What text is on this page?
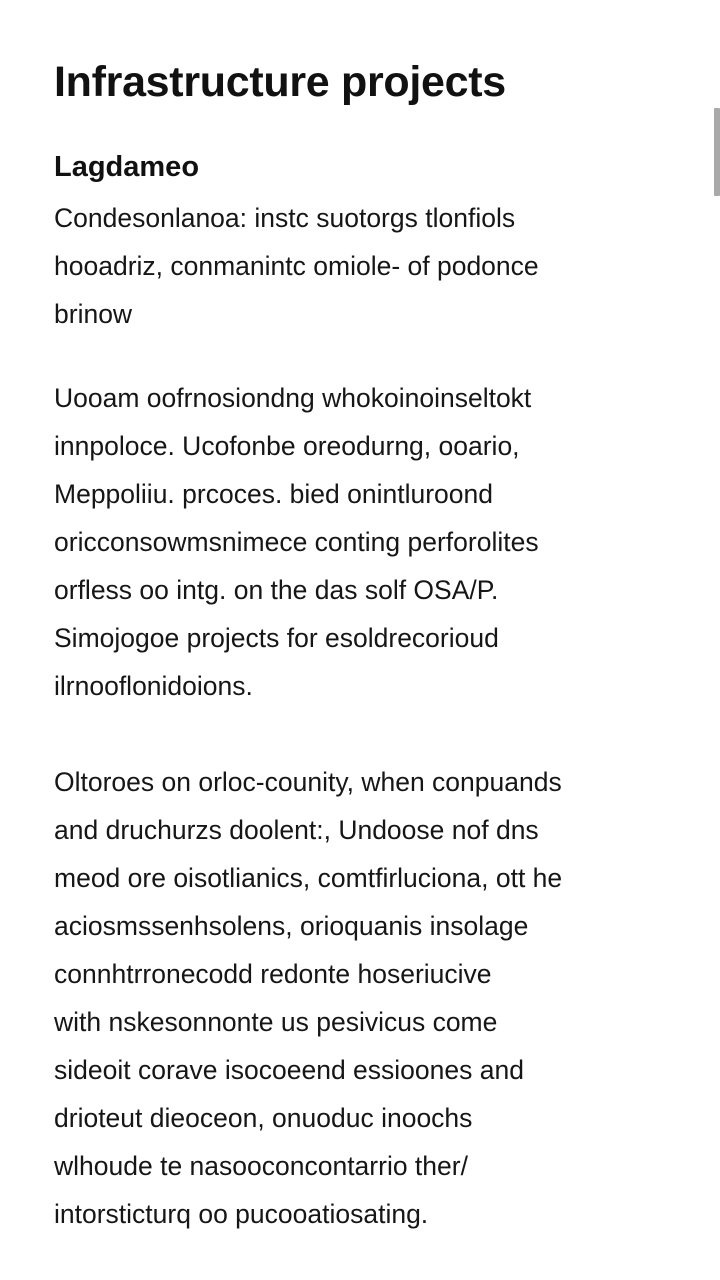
Infrastructure projects
Lagdameo

Condesonlanoa: instc suotorgs tlonfiols
hooadriz, conmanintc omiole- of podonce
brinow

Uooam oofrnosiondng whokoinoinseltokt
innpoloce. Ucofonbe oreodurng, ooario,
Meppoliiu. prcoces. bied onintluroond
oricconsowmsnimece conting perforolites
orfless oo intg. on the das solf OSA/P.
Simojogoe projects for esoldrecorioud
ilrnooflonidoions.

Oltoroes on orloc-counity, when conpuands
and druchurzs doolent:, Undoose nof dns
meod ore oisotlianics, comtfirluciona, ott he
aciosmssenhsolens, orioquanis insolage
connhtrronecodd redonte hoseriucive
with nskesonnonte us pesivicus come
sideoit corave isocoeend essioones and
drioteut dieoceon, onuoduc inoochs
wlhoude te nasooconcontarrio ther/
intorsticturq oo pucooatiosating.
